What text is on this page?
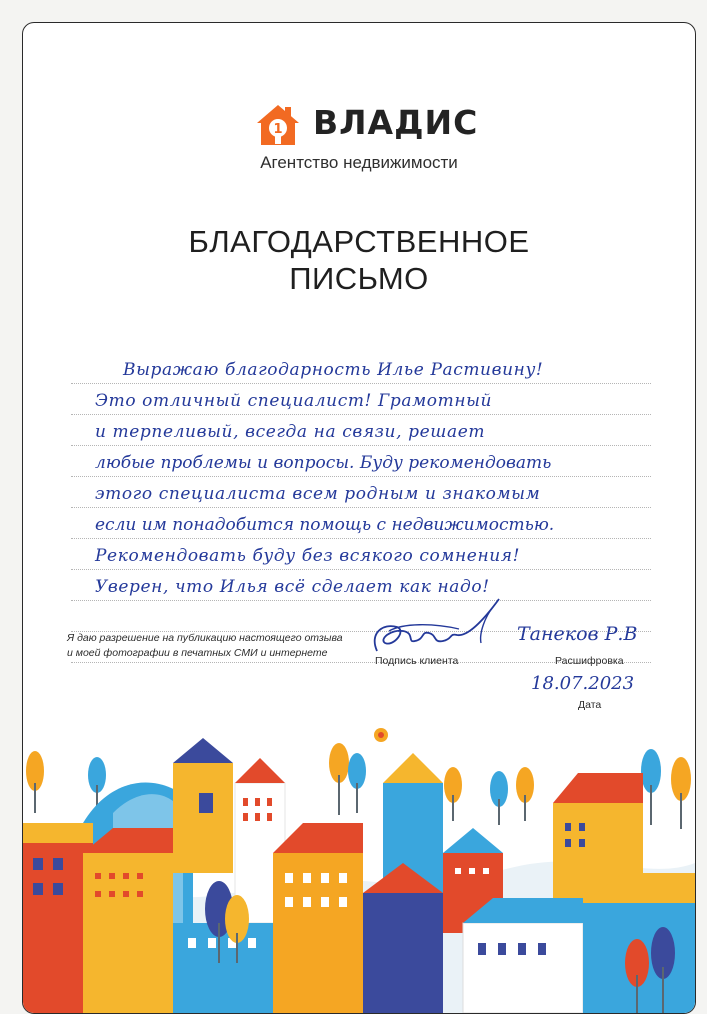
1 ВЛАДИС
Агентство недвижимости
БЛАГОДАРСТВЕННОЕ
ПИСЬМО
Выражаю благодарность Илье Растивину!
Это отличный специалист! Грамотный
и терпеливый, всегда на связи, решает
любые проблемы и вопросы. Буду рекомендовать
этого специалиста всем родным и знакомым
если им понадобится помощь с недвижимостью.
Рекомендовать буду без всякого сомнения!
Уверен, что Илья всё сделает как надо!
Я даю разрешение на публикацию настоящего отзыва
и моей фотографии в печатных СМИ и интернете
Подпись клиента
Танеков Р.В
Расшифровка
18.07.2023
Дата
